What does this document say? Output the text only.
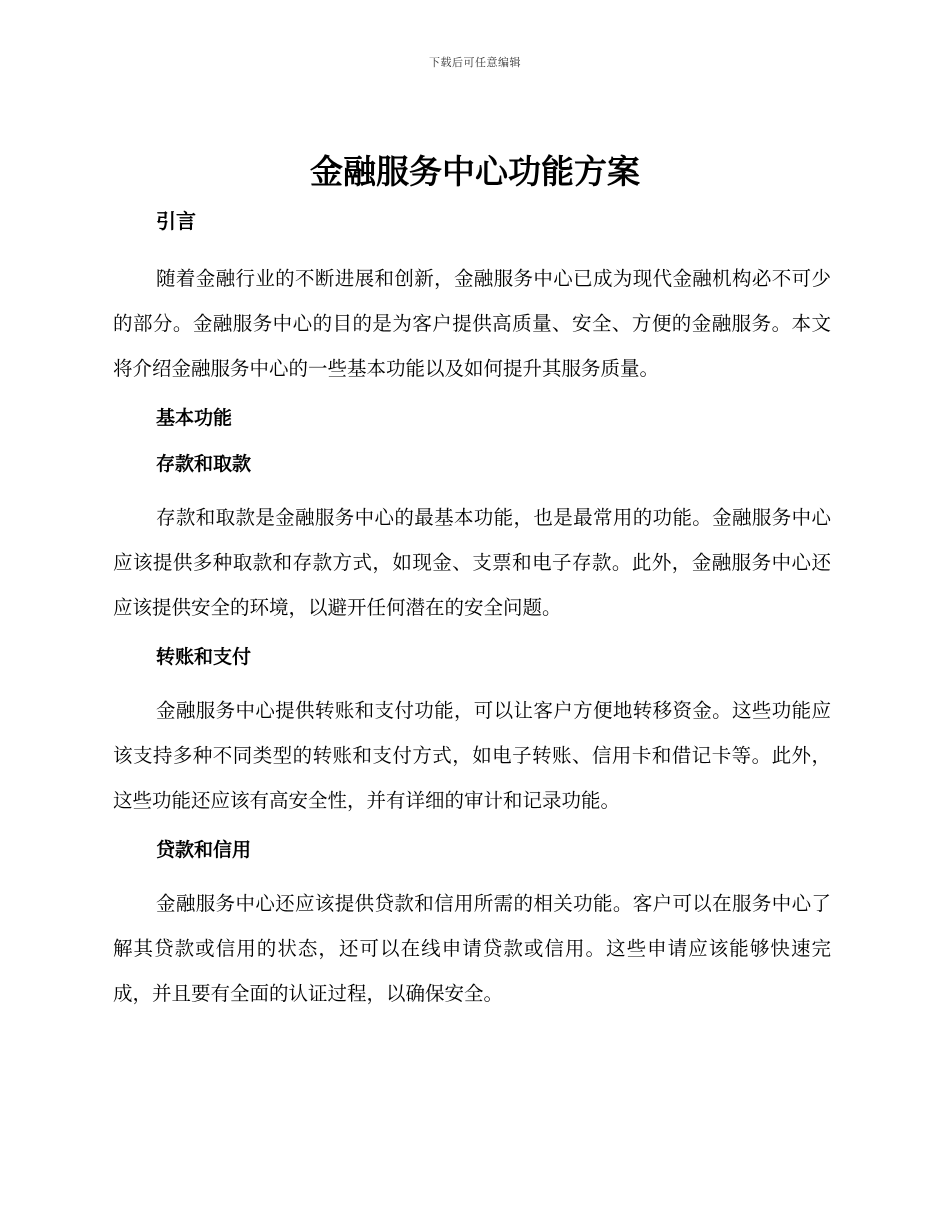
下载后可任意编辑
金融服务中心功能方案
引言

随着金融行业的不断进展和创新，金融服务中心已成为现代金融机构必不可少的部分。金融服务中心的目的是为客户提供高质量、安全、方便的金融服务。本文将介绍金融服务中心的一些基本功能以及如何提升其服务质量。

基本功能
存款和取款

存款和取款是金融服务中心的最基本功能，也是最常用的功能。金融服务中心应该提供多种取款和存款方式，如现金、支票和电子存款。此外，金融服务中心还应该提供安全的环境，以避开任何潜在的安全问题。

转账和支付

金融服务中心提供转账和支付功能，可以让客户方便地转移资金。这些功能应该支持多种不同类型的转账和支付方式，如电子转账、信用卡和借记卡等。此外，这些功能还应该有高安全性，并有详细的审计和记录功能。

贷款和信用

金融服务中心还应该提供贷款和信用所需的相关功能。客户可以在服务中心了解其贷款或信用的状态，还可以在线申请贷款或信用。这些申请应该能够快速完成，并且要有全面的认证过程，以确保安全。
